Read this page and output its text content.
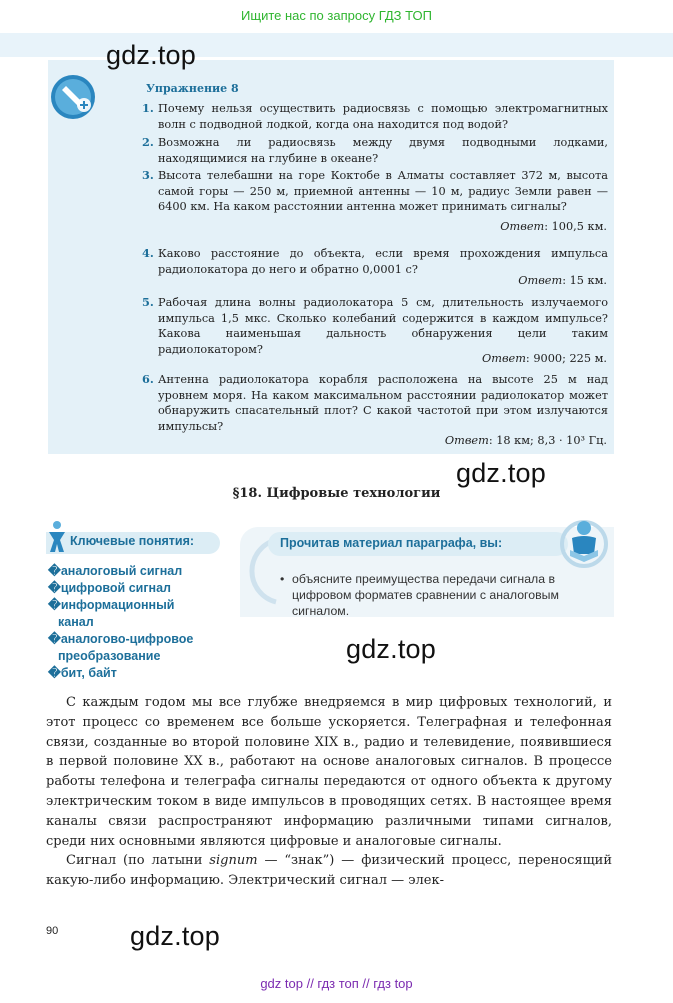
Ищите нас по запросу ГДЗ ТОП
Упражнение 8
1. Почему нельзя осуществить радиосвязь с помощью электромагнитных волн с подводной лодкой, когда она находится под водой?
2. Возможна ли радиосвязь между двумя подводными лодками, находящимися на глубине в океане?
3. Высота телебашни на горе Коктобе в Алматы составляет 372 м, высота самой горы — 250 м, приемной антенны — 10 м, радиус Земли равен — 6400 км. На каком расстоянии антенна может принимать сигналы?
Ответ: 100,5 км.
4. Каково расстояние до объекта, если время прохождения импульса радиолокатора до него и обратно 0,0001 с?
Ответ: 15 км.
5. Рабочая длина волны радиолокатора 5 см, длительность излучаемого импульса 1,5 мкс. Сколько колебаний содержится в каждом импульсе? Какова наименьшая дальность обнаружения цели таким радиолокатором?
Ответ: 9000; 225 м.
6. Антенна радиолокатора корабля расположена на высоте 25 м над уровнем моря. На каком максимальном расстоянии радиолокатор может обнаружить спасательный плот? С какой частотой при этом излучаются импульсы?
Ответ: 18 км; 8,3 · 10³ Гц.
§18. Цифровые технологии
Ключевые понятия:
�аналоговый сигнал
�цифровой сигнал
�информационный
канал
�аналогово-цифровое
преобразование
�бит, байт
Прочитав материал параграфа, вы:
• объясните преимущества передачи сигнала в цифровом форматев сравнении с аналоговым сигналом.

С каждым годом мы все глубже внедряемся в мир цифровых технологий, и этот процесс со временем все больше ускоряется. Телеграфная и телефонная связи, созданные во второй половине XIX в., радио и телевидение, появившиеся в первой половине XX в., работают на основе аналоговых сигналов. В процессе работы телефона и телеграфа сигналы передаются от одного объекта к другому электрическим током в виде импульсов в проводящих сетях. В настоящее время каналы связи распространяют информацию различными типами сигналов, среди них основными являются цифровые и аналоговые сигналы.

Сигнал (по латыни signum — “знак”) — физический процесс, переносящий какую-либо информацию. Электрический сигнал — элек-

90
gdz.top
gdz.top
gdz.top
gdz.top
gdz top // гдз топ // гдз top
